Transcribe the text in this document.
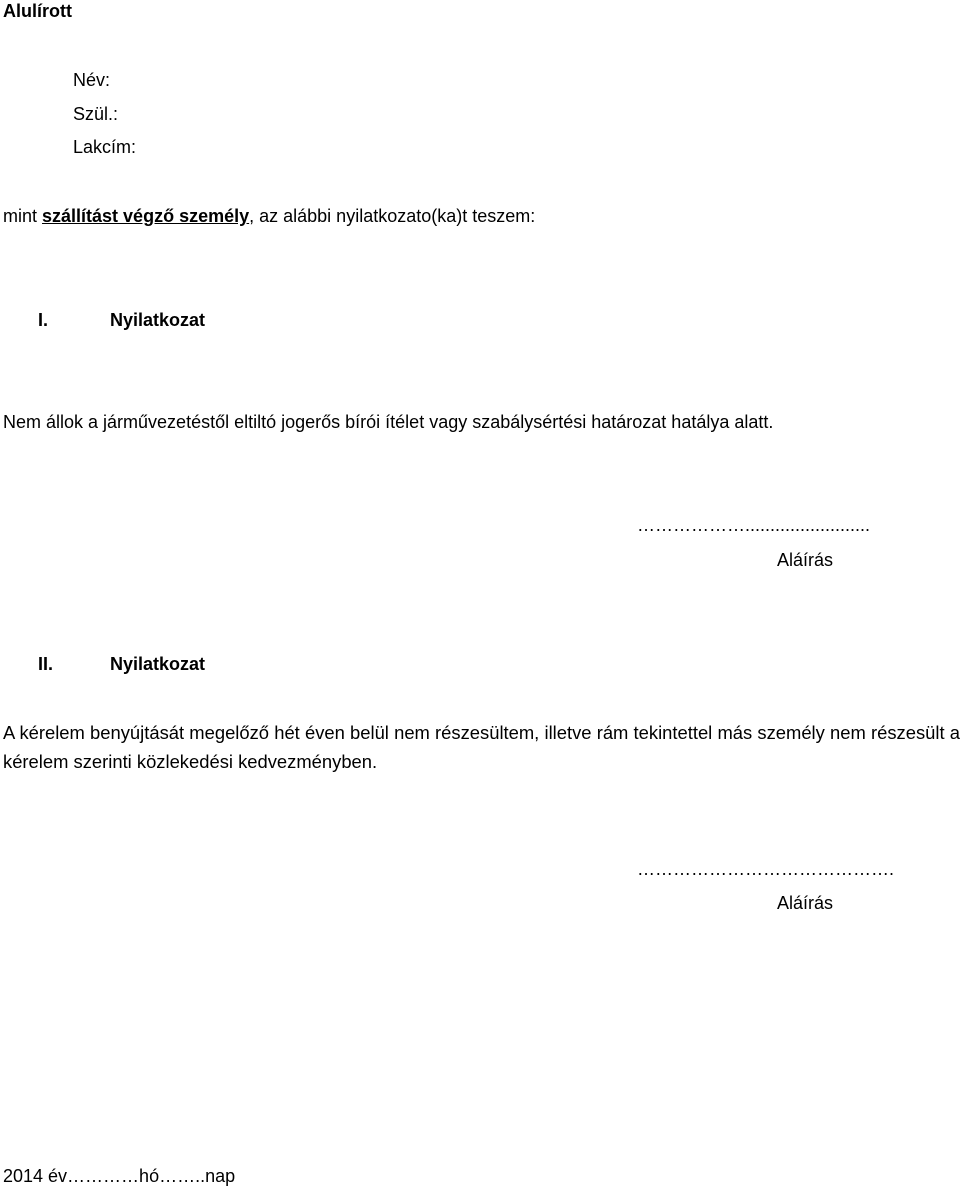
Alulírott
Név:
Szül.:
Lakcím:
mint szállítást végző személy, az alábbi nyilatkozato(ka)t teszem:
I.	Nyilatkozat
Nem állok a járművezetéstől eltiltó jogerős bírói ítélet vagy szabálysértési határozat hatálya alatt.
……………….........................
Aláírás
II.	Nyilatkozat
A kérelem benyújtását megelőző hét éven belül nem részesültem, illetve rám tekintettel más személy nem részesült a kérelem szerinti közlekedési kedvezményben.
…………………………………….
Aláírás
2014 év…………hó……..nap
